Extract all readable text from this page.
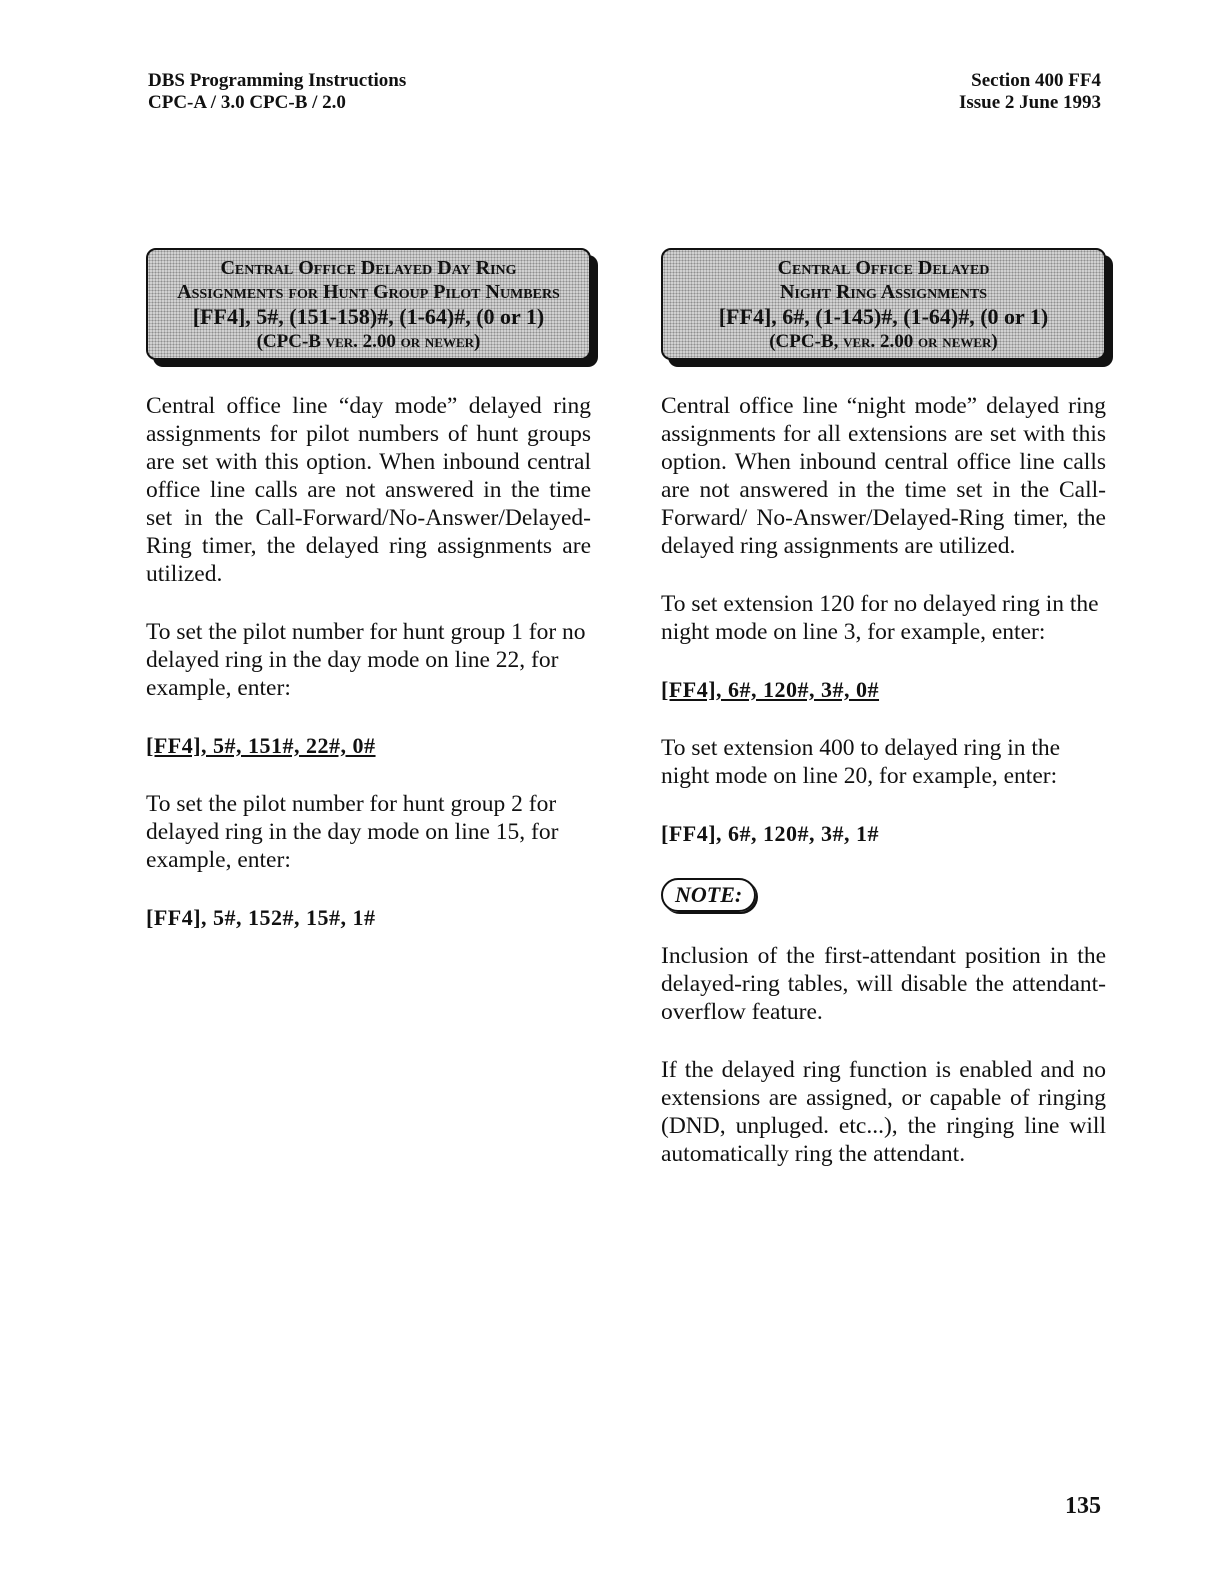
DBS Programming Instructions
CPC-A / 3.0 CPC-B / 2.0
Section 400 FF4
Issue 2 June 1993
Central Office Delayed Day Ring
Assignments for Hunt Group Pilot Numbers
[FF4], 5#, (151-158)#, (1-64)#, (0 or 1)
(CPC-B ver. 2.00 or newer)

Central office line “day mode” delayed ring assignments for pilot numbers of hunt groups are set with this option. When inbound central office line calls are not answered in the time set in the Call-Forward/No-Answer/Delayed-Ring timer, the delayed ring assignments are utilized.

To set the pilot number for hunt group 1 for no delayed ring in the day mode on line 22, for example, enter:

[FF4], 5#, 151#, 22#, 0#

To set the pilot number for hunt group 2 for delayed ring in the day mode on line 15, for example, enter:

[FF4], 5#, 152#, 15#, 1#

Central Office Delayed
Night Ring Assignments
[FF4], 6#, (1-145)#, (1-64)#, (0 or 1)
(CPC-B, ver. 2.00 or newer)

Central office line “night mode” delayed ring assignments for all extensions are set with this option. When inbound central office line calls are not answered in the time set in the Call-Forward/ No-Answer/Delayed-Ring timer, the delayed ring assignments are utilized.

To set extension 120 for no delayed ring in the night mode on line 3, for example, enter:

[FF4], 6#, 120#, 3#, 0#

To set extension 400 to delayed ring in the night mode on line 20, for example, enter:

[FF4], 6#, 120#, 3#, 1#

NOTE:

Inclusion of the first-attendant position in the delayed-ring tables, will disable the attendant-overflow feature.

If the delayed ring function is enabled and no extensions are assigned, or capable of ringing (DND, unpluged. etc...), the ringing line will automatically ring the attendant.

135
